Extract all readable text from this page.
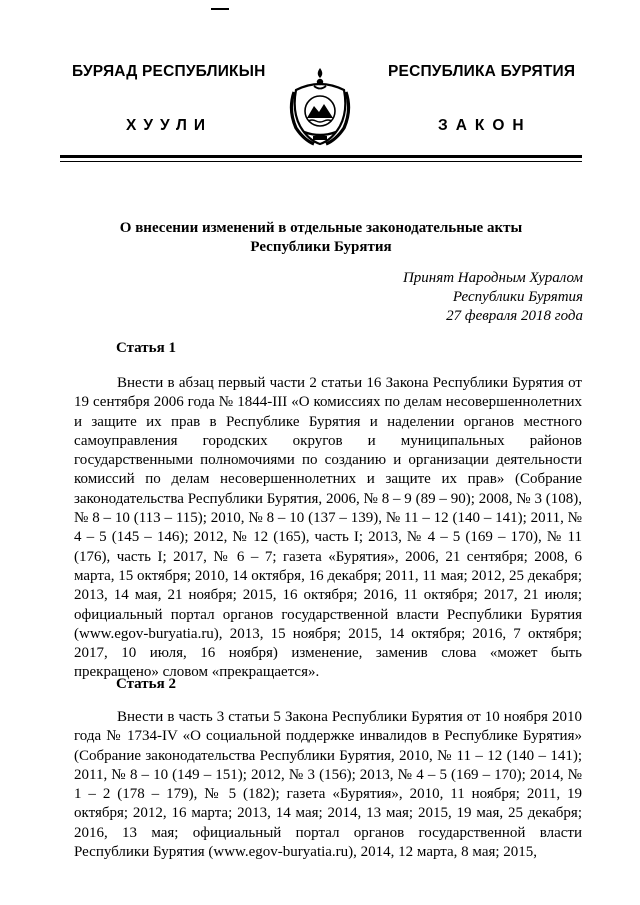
БУРЯАД РЕСПУБЛИКЫН	РЕСПУБЛИКА БУРЯТИЯ
ХУУЛИ	ЗАКОН
О внесении изменений в отдельные законодательные акты
Республики Бурятия
Принят Народным Хуралом
Республики Бурятия
27 февраля 2018 года
Статья 1

Внести в абзац первый части 2 статьи 16 Закона Республики Бурятия от 19 сентября 2006 года № 1844-III «О комиссиях по делам несовершеннолетних и защите их прав в Республике Бурятия и наделении органов местного самоуправления городских округов и муниципальных районов государственными полномочиями по созданию и организации деятельности комиссий по делам несовершеннолетних и защите их прав» (Собрание законодательства Республики Бурятия, 2006, № 8 – 9 (89 – 90); 2008, № 3 (108), № 8 – 10 (113 – 115); 2010, № 8 – 10 (137 – 139), № 11 – 12 (140 – 141); 2011, № 4 – 5 (145 – 146); 2012, № 12 (165), часть I; 2013, № 4 – 5 (169 – 170), № 11 (176), часть I; 2017, № 6 – 7; газета «Бурятия», 2006, 21 сентября; 2008, 6 марта, 15 октября; 2010, 14 октября, 16 декабря; 2011, 11 мая; 2012, 25 декабря; 2013, 14 мая, 21 ноября; 2015, 16 октября; 2016, 11 октября; 2017, 21 июля; официальный портал органов государственной власти Республики Бурятия (www.egov-buryatia.ru), 2013, 15 ноября; 2015, 14 октября; 2016, 7 октября; 2017, 10 июля, 16 ноября) изменение, заменив слова «может быть прекращено» словом «прекращается».

Статья 2

Внести в часть 3 статьи 5 Закона Республики Бурятия от 10 ноября 2010 года № 1734-IV «О социальной поддержке инвалидов в Республике Бурятия» (Собрание законодательства Республики Бурятия, 2010, № 11 – 12 (140 – 141); 2011, № 8 – 10 (149 – 151); 2012, № 3 (156); 2013, № 4 – 5 (169 – 170); 2014, № 1 – 2 (178 – 179), № 5 (182); газета «Бурятия», 2010, 11 ноября; 2011, 19 октября; 2012, 16 марта; 2013, 14 мая; 2014, 13 мая; 2015, 19 мая, 25 декабря; 2016, 13 мая; официальный портал органов государственной власти Республики Бурятия (www.egov-buryatia.ru), 2014, 12 марта, 8 мая; 2015,
